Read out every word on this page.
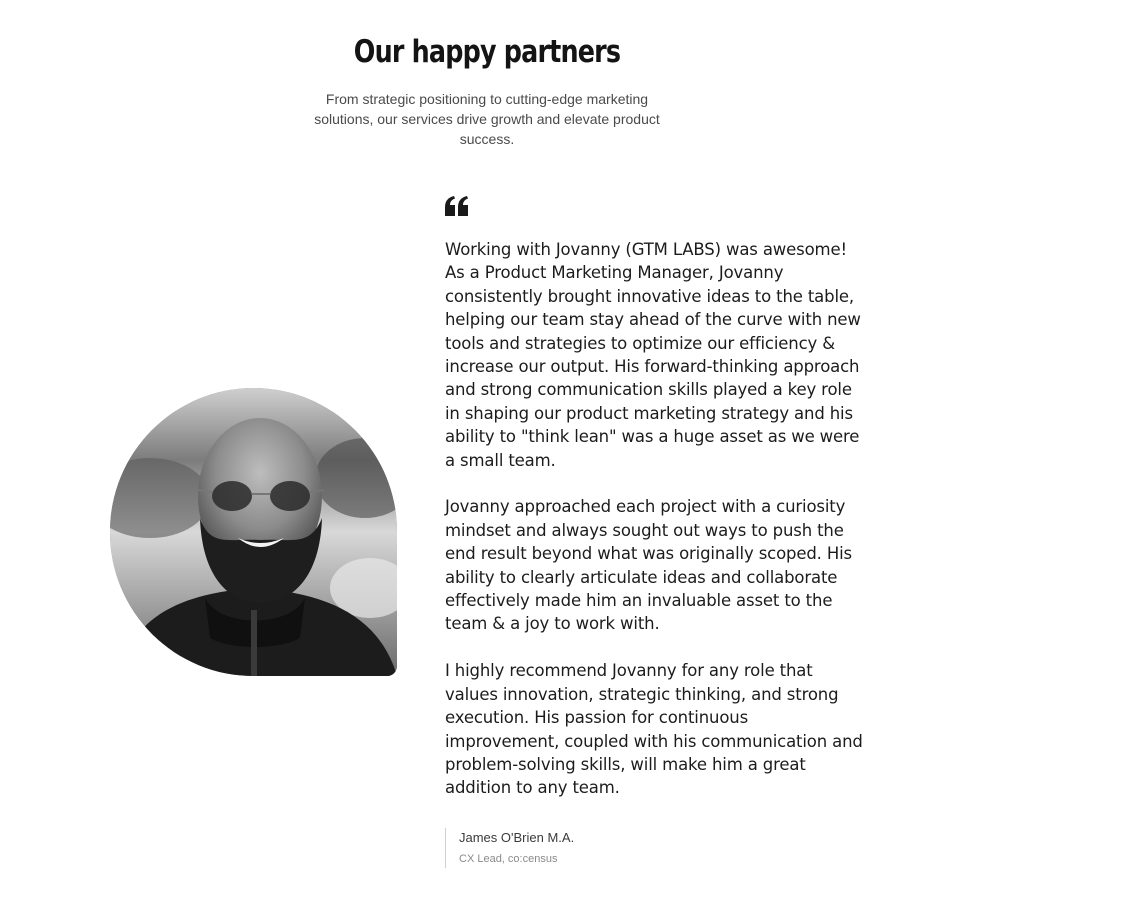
Our happy partners

From strategic positioning to cutting-edge marketing solutions, our services drive growth and elevate product success.

Working with Jovanny (GTM LABS) was awesome! As a Product Marketing Manager, Jovanny consistently brought innovative ideas to the table, helping our team stay ahead of the curve with new tools and strategies to optimize our efficiency & increase our output. His forward-thinking approach and strong communication skills played a key role in shaping our product marketing strategy and his ability to "think lean" was a huge asset as we were a small team.

Jovanny approached each project with a curiosity mindset and always sought out ways to push the end result beyond what was originally scoped. His ability to clearly articulate ideas and collaborate effectively made him an invaluable asset to the team & a joy to work with.

I highly recommend Jovanny for any role that values innovation, strategic thinking, and strong execution. His passion for continuous improvement, coupled with his communication and problem-solving skills, will make him a great addition to any team.

James O'Brien M.A.
CX Lead, co:census
